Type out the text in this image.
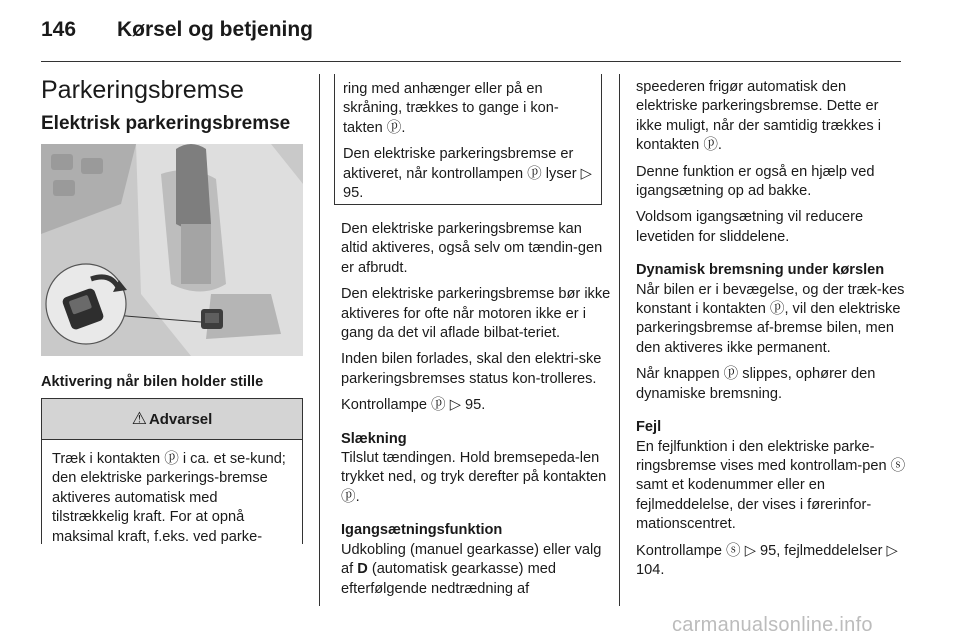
146 Kørsel og betjening
Parkeringsbremse
Elektrisk parkeringsbremse
Aktivering når bilen holder stille
⚠ Advarsel
Træk i kontakten ⓟ i ca. et se-kund; den elektriske parkerings-bremse aktiveres automatisk med tilstrækkelig kraft. For at opnå maksimal kraft, f.eks. ved parke-

ring med anhænger eller på en skråning, trækkes to gange i kon-takten ⓟ.

Den elektriske parkeringsbremse er aktiveret, når kontrollampen ⓟ lyser ▷ 95.

Den elektriske parkeringsbremse kan altid aktiveres, også selv om tændin-gen er afbrudt.

Den elektriske parkeringsbremse bør ikke aktiveres for ofte når motoren ikke er i gang da det vil aflade bilbat-teriet.

Inden bilen forlades, skal den elektri-ske parkeringsbremses status kon-trolleres.

Kontrollampe ⓟ ▷ 95.

Slækning

Tilslut tændingen. Hold bremsepeda-len trykket ned, og tryk derefter på kontakten ⓟ.

Igangsætningsfunktion

Udkobling (manuel gearkasse) eller valg af D (automatisk gearkasse) med efterfølgende nedtrædning af

speederen frigør automatisk den elektriske parkeringsbremse. Dette er ikke muligt, når der samtidig trækkes i kontakten ⓟ.

Denne funktion er også en hjælp ved igangsætning op ad bakke.

Voldsom igangsætning vil reducere levetiden for sliddelene.

Dynamisk bremsning under kørslen

Når bilen er i bevægelse, og der træk-kes konstant i kontakten ⓟ, vil den elektriske parkeringsbremse af-bremse bilen, men den aktiveres ikke permanent.

Når knappen ⓟ slippes, ophører den dynamiske bremsning.

Fejl

En fejlfunktion i den elektriske parke-ringsbremse vises med kontrollam-pen ⓢ samt et kodenummer eller en fejlmeddelelse, der vises i førerinfor-mationscentret.

Kontrollampe ⓢ ▷ 95, fejlmeddelelser ▷ 104.

carmanualsonline.info
